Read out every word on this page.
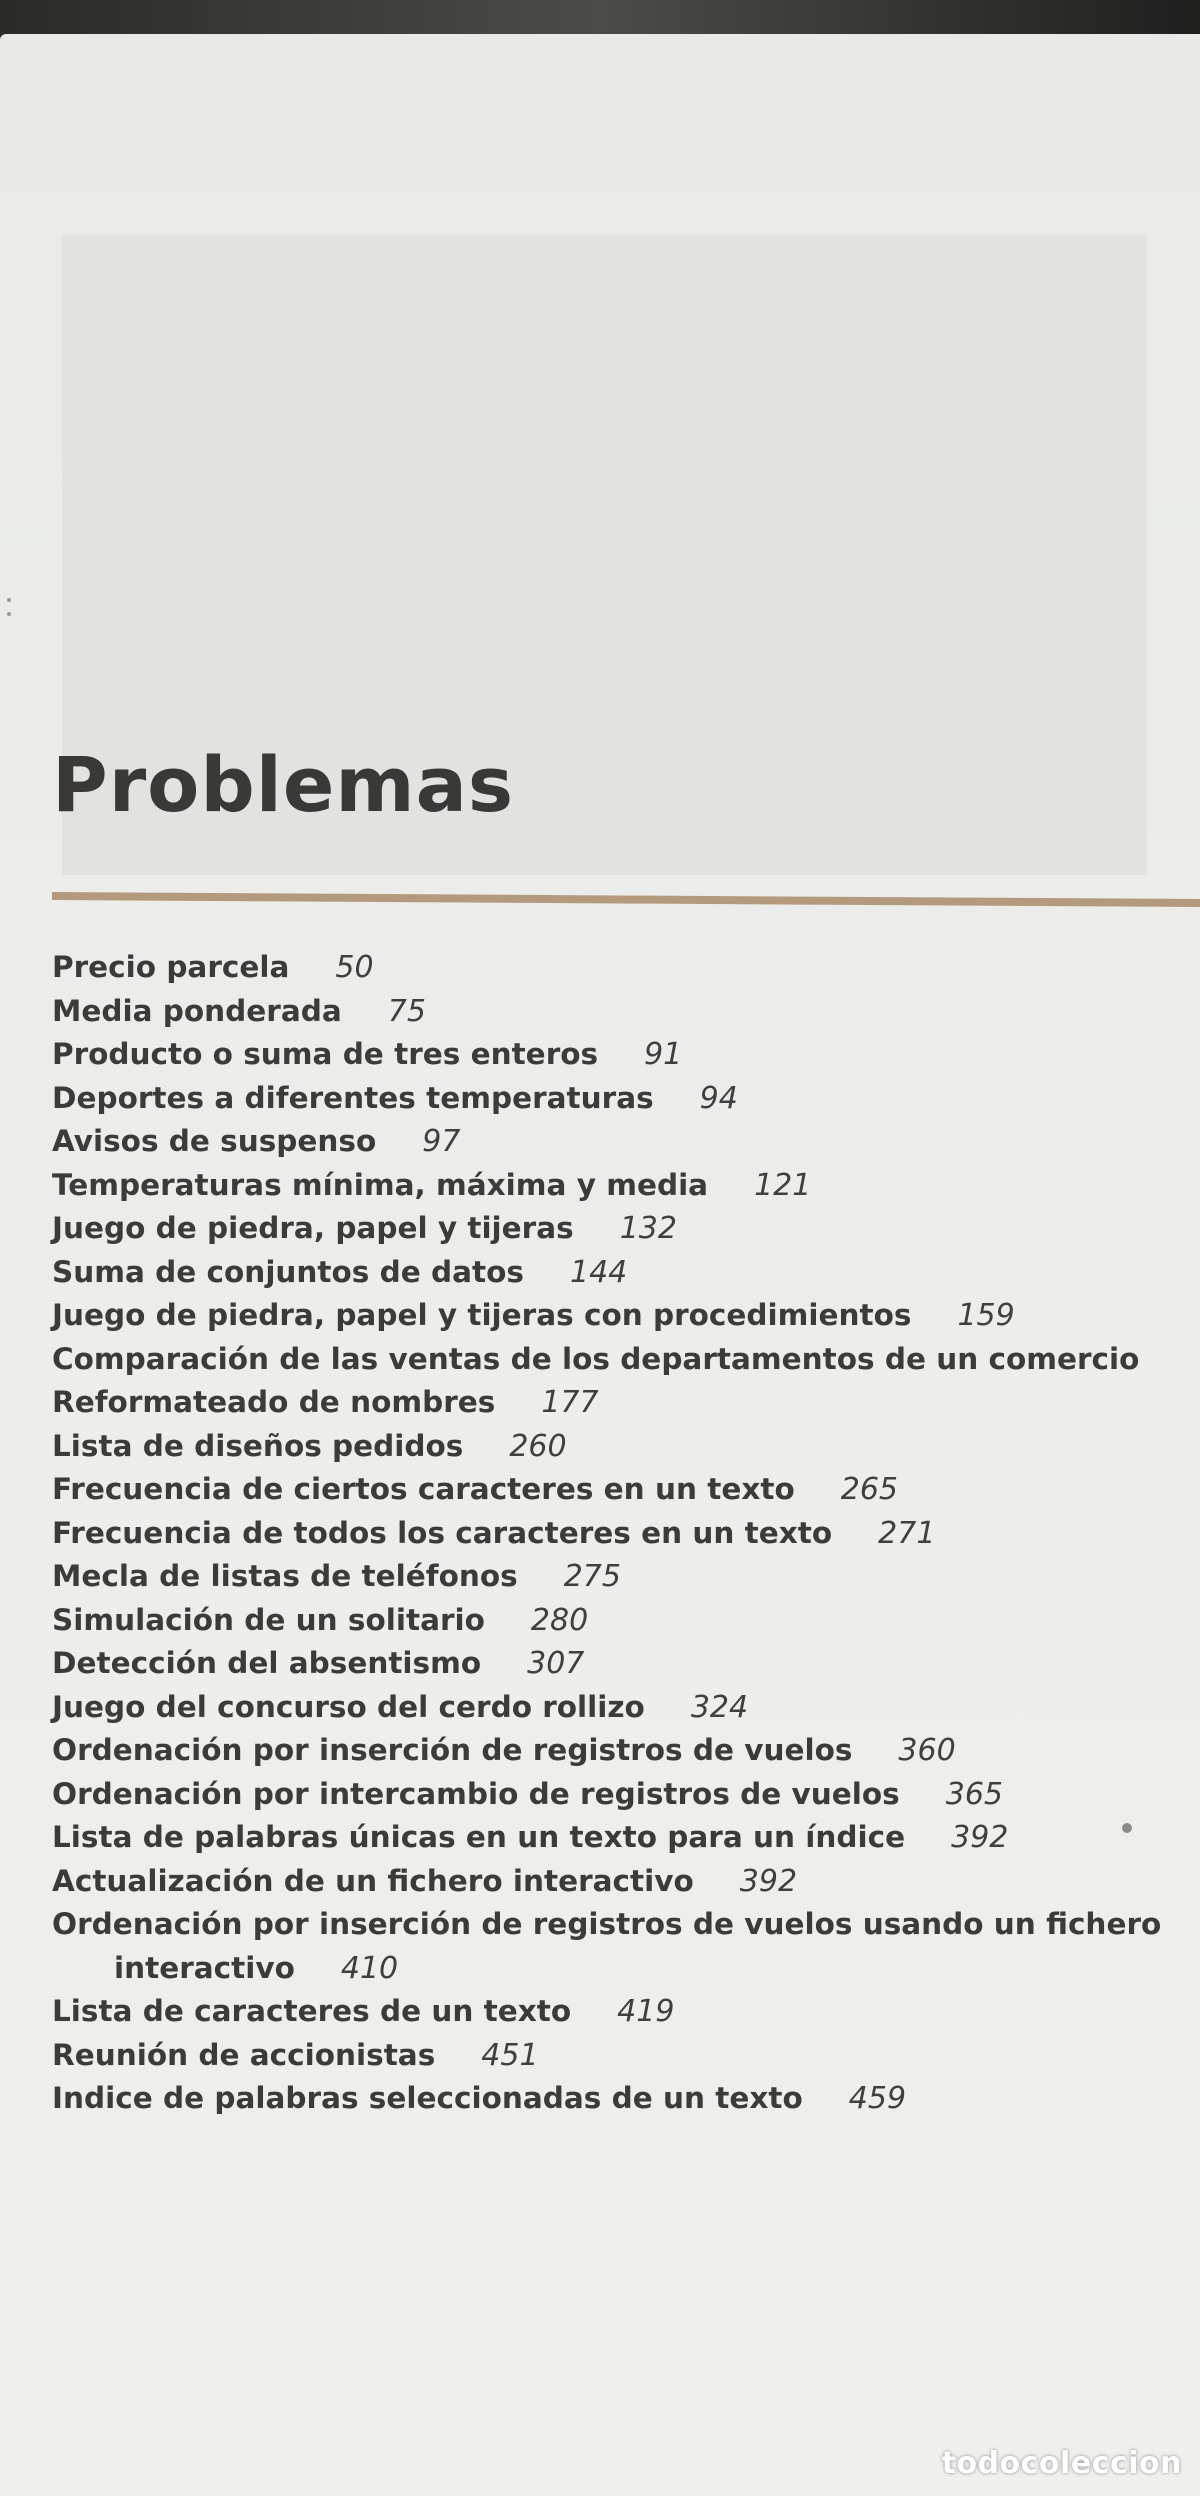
Problemas
Precio parcela 50
Media ponderada 75
Producto o suma de tres enteros 91
Deportes a diferentes temperaturas 94
Avisos de suspenso 97
Temperaturas mínima, máxima y media 121
Juego de piedra, papel y tijeras 132
Suma de conjuntos de datos 144
Juego de piedra, papel y tijeras con procedimientos 159
Comparación de las ventas de los departamentos de un comercio
Reformateado de nombres 177
Lista de diseños pedidos 260
Frecuencia de ciertos caracteres en un texto 265
Frecuencia de todos los caracteres en un texto 271
Mecla de listas de teléfonos 275
Simulación de un solitario 280
Detección del absentismo 307
Juego del concurso del cerdo rollizo 324
Ordenación por inserción de registros de vuelos 360
Ordenación por intercambio de registros de vuelos 365
Lista de palabras únicas en un texto para un índice 392
Actualización de un fichero interactivo 392
Ordenación por inserción de registros de vuelos usando un fichero
interactivo 410
Lista de caracteres de un texto 419
Reunión de accionistas 451
Indice de palabras seleccionadas de un texto 459
todocoleccion
